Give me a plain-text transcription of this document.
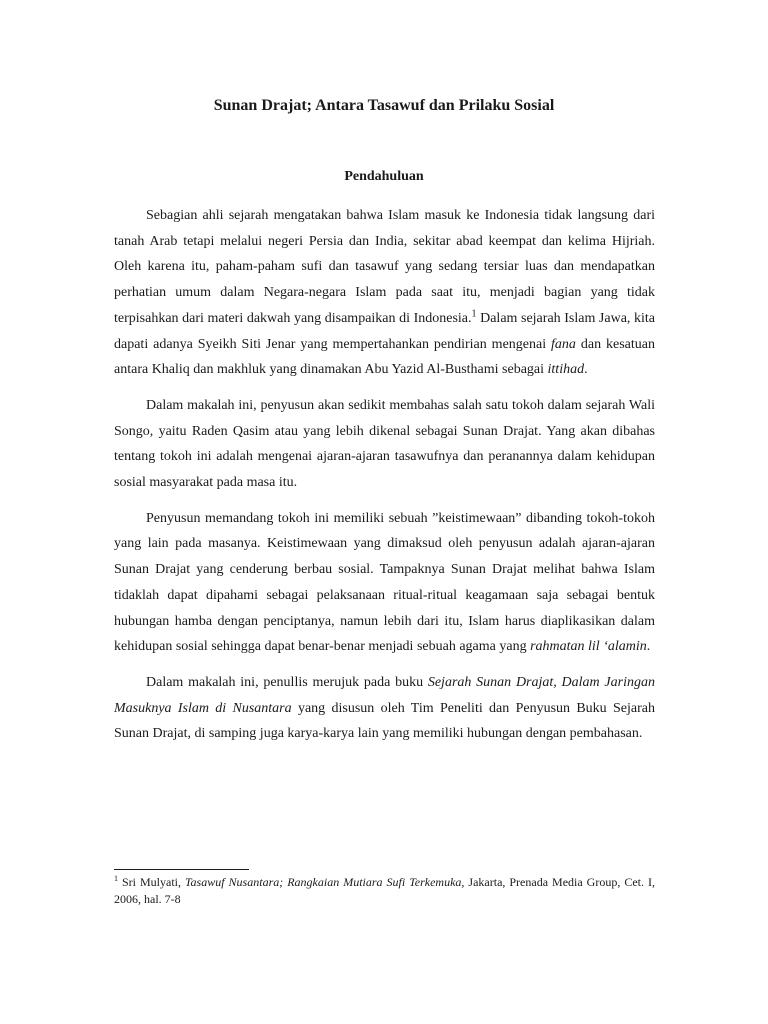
Sunan Drajat; Antara Tasawuf dan Prilaku Sosial
Pendahuluan

Sebagian ahli sejarah mengatakan bahwa Islam masuk ke Indonesia tidak langsung dari tanah Arab tetapi melalui negeri Persia dan India, sekitar abad keempat dan kelima Hijriah. Oleh karena itu, paham-paham sufi dan tasawuf yang sedang tersiar luas dan mendapatkan perhatian umum dalam Negara-negara Islam pada saat itu, menjadi bagian yang tidak terpisahkan dari materi dakwah yang disampaikan di Indonesia.$^1$ Dalam sejarah Islam Jawa, kita dapati adanya Syeikh Siti Jenar yang mempertahankan pendirian mengenai fana dan kesatuan antara Khaliq dan makhluk yang dinamakan Abu Yazid Al-Busthami sebagai ittihad.

Dalam makalah ini, penyusun akan sedikit membahas salah satu tokoh dalam sejarah Wali Songo, yaitu Raden Qasim atau yang lebih dikenal sebagai Sunan Drajat. Yang akan dibahas tentang tokoh ini adalah mengenai ajaran-ajaran tasawufnya dan peranannya dalam kehidupan sosial masyarakat pada masa itu.

Penyusun memandang tokoh ini memiliki sebuah ”keistimewaan” dibanding tokoh-tokoh yang lain pada masanya. Keistimewaan yang dimaksud oleh penyusun adalah ajaran-ajaran Sunan Drajat yang cenderung berbau sosial. Tampaknya Sunan Drajat melihat bahwa Islam tidaklah dapat dipahami sebagai pelaksanaan ritual-ritual keagamaan saja sebagai bentuk hubungan hamba dengan penciptanya, namun lebih dari itu, Islam harus diaplikasikan dalam kehidupan sosial sehingga dapat benar-benar menjadi sebuah agama yang rahmatan lil ‘alamin.

Dalam makalah ini, penullis merujuk pada buku Sejarah Sunan Drajat, Dalam Jaringan Masuknya Islam di Nusantara yang disusun oleh Tim Peneliti dan Penyusun Buku Sejarah Sunan Drajat, di samping juga karya-karya lain yang memiliki hubungan dengan pembahasan.

$^1$ Sri Mulyati, Tasawuf Nusantara; Rangkaian Mutiara Sufi Terkemuka, Jakarta, Prenada Media Group, Cet. I, 2006, hal. 7-8
